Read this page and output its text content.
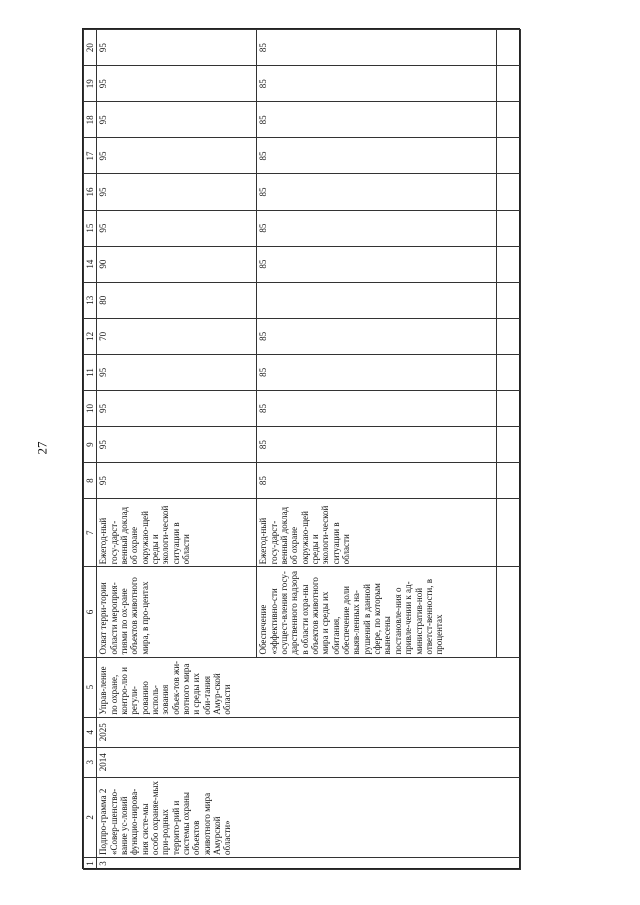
27
1	2	3	4	5	6	7	8	9	10	11	12	13	14	15	16	17	18	19	20
3	Подпро-грамма 2 «Совер-шенство-вание ус-ловий функцио-нирова-ния систе-мы особо охраняе-мых при-родных террито-рий и системы охраны объектов животного мира Амурской области»	2014	2025	Управ-ление по охране, контро-лю и регули-рованию исполь-зования объек-тов жи-вотного мира и среды их оби-тания Амур-ской области	Охват терри-тории области мероприя-тиями по ох-ране объектов животного мира, в про-центах	Ежегод-ный госу-дарст-венный доклад об охране окружаю-щей среды и экологи-ческой ситуации в области	95	95	95	95	70	80	90	95	95	95	95	95	95
					Обеспечение «эффективно-сти осущест-вления госу-дарственного надзора в области охра-ны объектов животного мира и среды их обитания, обеспечение доли выяв-ленных на-рушений в данной сфере, по которым вынесены постановле-ния о привле-чении к ад-министратив-ной ответст-венности, в процентах	Ежегод-ный госу-дарст-венный доклад об охране окружаю-щей среды и экологи-ческой ситуации в области	85	85	85	85	85		85	85	85	85	85	85	85
